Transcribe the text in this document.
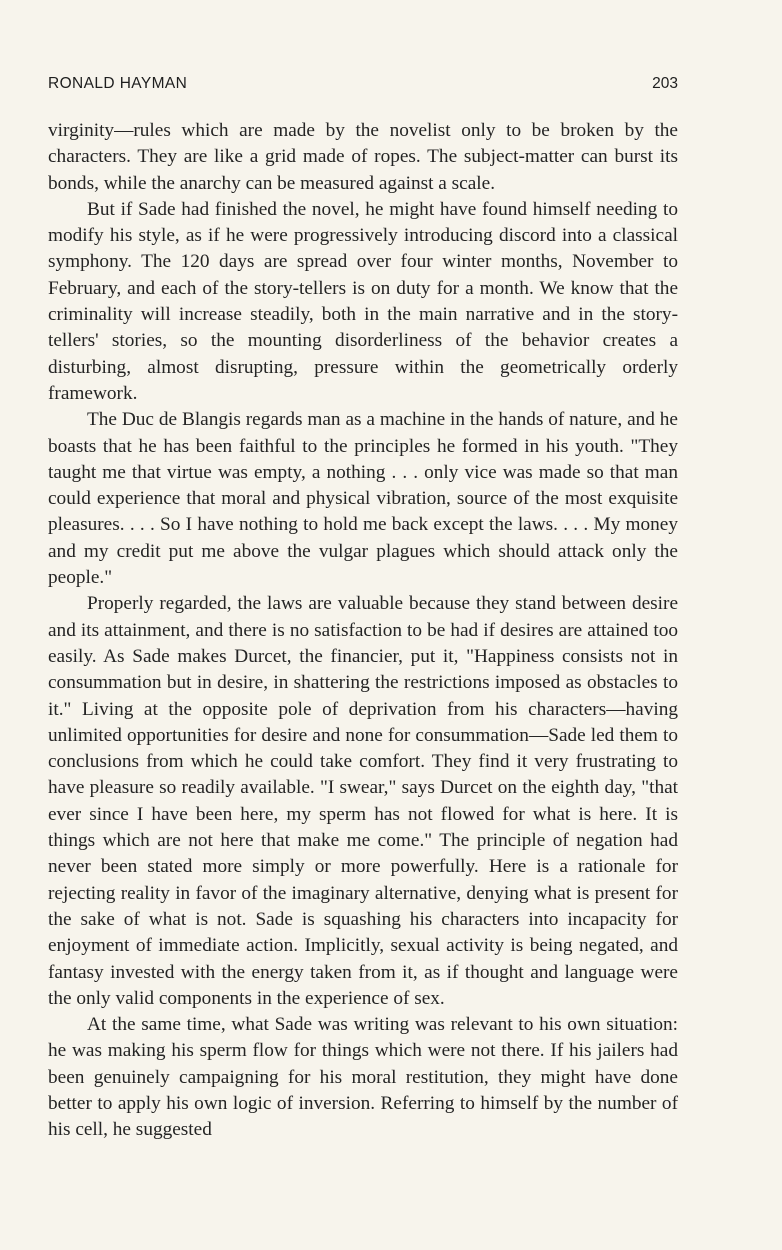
RONALD HAYMAN	203

virginity—rules which are made by the novelist only to be broken by the characters. They are like a grid made of ropes. The subject-matter can burst its bonds, while the anarchy can be measured against a scale.

But if Sade had finished the novel, he might have found himself needing to modify his style, as if he were progressively introducing discord into a classical symphony. The 120 days are spread over four winter months, November to February, and each of the story-tellers is on duty for a month. We know that the criminality will increase steadily, both in the main narrative and in the story-tellers' stories, so the mounting disorderliness of the behavior creates a disturbing, almost disrupting, pressure within the geometrically orderly framework.

The Duc de Blangis regards man as a machine in the hands of nature, and he boasts that he has been faithful to the principles he formed in his youth. "They taught me that virtue was empty, a nothing . . . only vice was made so that man could experience that moral and physical vibration, source of the most exquisite pleasures. . . . So I have nothing to hold me back except the laws. . . . My money and my credit put me above the vulgar plagues which should attack only the people."

Properly regarded, the laws are valuable because they stand between desire and its attainment, and there is no satisfaction to be had if desires are attained too easily. As Sade makes Durcet, the financier, put it, "Happiness consists not in consummation but in desire, in shattering the restrictions imposed as obstacles to it." Living at the opposite pole of deprivation from his characters—having unlimited opportunities for desire and none for consummation—Sade led them to conclusions from which he could take comfort. They find it very frustrating to have pleasure so readily available. "I swear," says Durcet on the eighth day, "that ever since I have been here, my sperm has not flowed for what is here. It is things which are not here that make me come." The principle of negation had never been stated more simply or more powerfully. Here is a rationale for rejecting reality in favor of the imaginary alternative, denying what is present for the sake of what is not. Sade is squashing his characters into incapacity for enjoyment of immediate action. Implicitly, sexual activity is being negated, and fantasy invested with the energy taken from it, as if thought and language were the only valid components in the experience of sex.

At the same time, what Sade was writing was relevant to his own situation: he was making his sperm flow for things which were not there. If his jailers had been genuinely campaigning for his moral restitution, they might have done better to apply his own logic of inversion. Referring to himself by the number of his cell, he suggested
